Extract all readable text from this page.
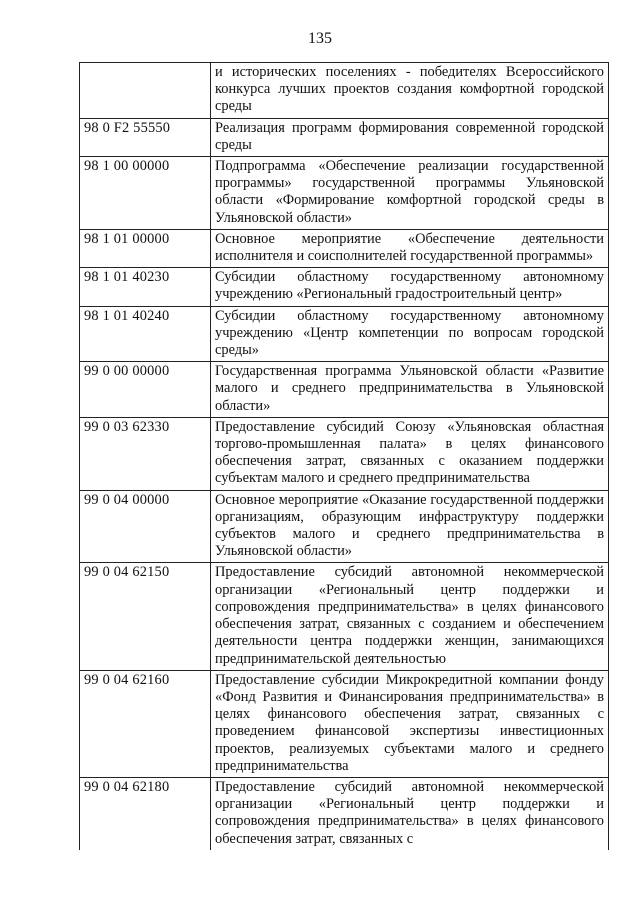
135
	и исторических поселениях - победителях Всероссийского конкурса лучших проектов создания комфортной городской среды
98 0 F2 55550	Реализация программ формирования современной городской среды
98 1 00 00000	Подпрограмма «Обеспечение реализации государственной программы» государственной программы Ульяновской области «Формирование комфортной городской среды в Ульяновской области»
98 1 01 00000	Основное мероприятие «Обеспечение деятельности исполнителя и соисполнителей государственной программы»
98 1 01 40230	Субсидии областному государственному автономному учреждению «Региональный градостроительный центр»
98 1 01 40240	Субсидии областному государственному автономному учреждению «Центр компетенции по вопросам городской среды»
99 0 00 00000	Государственная программа Ульяновской области «Развитие малого и среднего предпринимательства в Ульяновской области»
99 0 03 62330	Предоставление субсидий Союзу «Ульяновская областная торгово-промышленная палата» в целях финансового обеспечения затрат, связанных с оказанием поддержки субъектам малого и среднего предпринимательства
99 0 04 00000	Основное мероприятие «Оказание государственной поддержки организациям, образующим инфраструктуру поддержки субъектов малого и среднего предпринимательства в Ульяновской области»
99 0 04 62150	Предоставление субсидий автономной некоммерческой организации «Региональный центр поддержки и сопровождения предпринимательства» в целях финансового обеспечения затрат, связанных с созданием и обеспечением деятельности центра поддержки женщин, занимающихся предпринимательской деятельностью
99 0 04 62160	Предоставление субсидии Микрокредитной компании фонду «Фонд Развития и Финансирования предпринимательства» в целях финансового обеспечения затрат, связанных с проведением финансовой экспертизы инвестиционных проектов, реализуемых субъектами малого и среднего предпринимательства
99 0 04 62180	Предоставление субсидий автономной некоммерческой организации «Региональный центр поддержки и сопровождения предпринимательства» в целях финансового обеспечения затрат, связанных с
